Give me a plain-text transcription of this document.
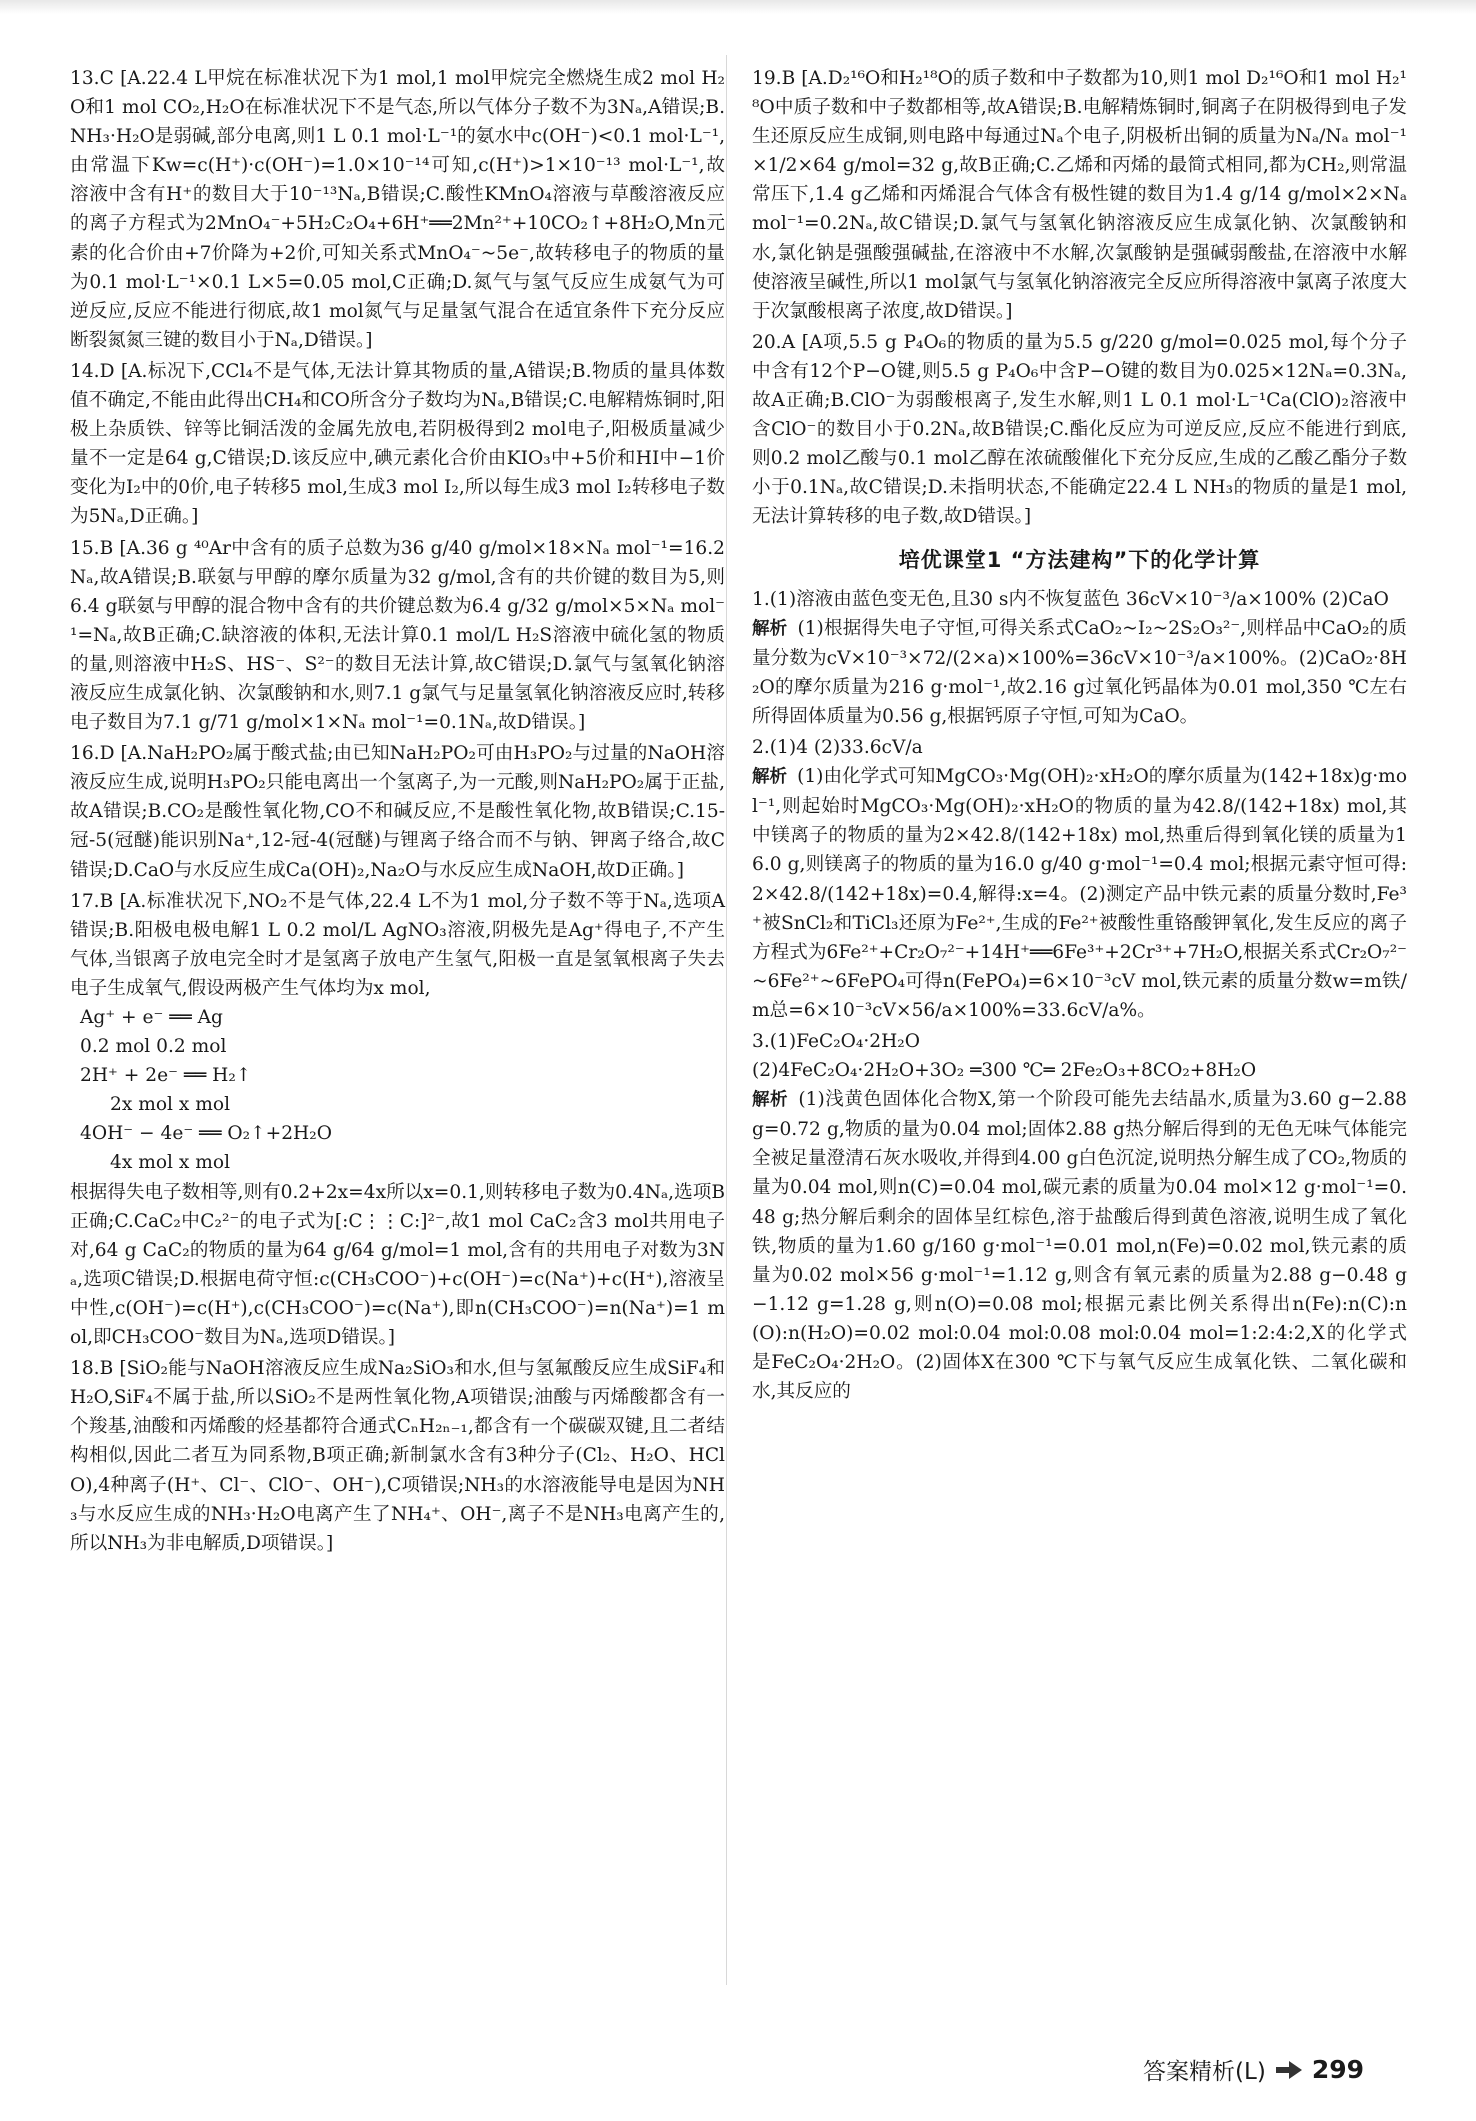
13.C [A.22.4 L甲烷在标准状况下为1 mol,1 mol甲烷完全燃烧生成2 mol H₂O和1 mol CO₂,H₂O在标准状况下不是气态,所以气体分子数不为3Nₐ,A错误;B.NH₃·H₂O是弱碱,部分电离,则1 L 0.1 mol·L⁻¹的氨水中c(OH⁻)<0.1 mol·L⁻¹,由常温下Kw=c(H⁺)·c(OH⁻)=1.0×10⁻¹⁴可知,c(H⁺)>1×10⁻¹³ mol·L⁻¹,故溶液中含有H⁺的数目大于10⁻¹³Nₐ,B错误;C.酸性KMnO₄溶液与草酸溶液反应的离子方程式为2MnO₄⁻+5H₂C₂O₄+6H⁺══2Mn²⁺+10CO₂↑+8H₂O,Mn元素的化合价由+7价降为+2价,可知关系式MnO₄⁻~5e⁻,故转移电子的物质的量为0.1 mol·L⁻¹×0.1 L×5=0.05 mol,C正确;D.氮气与氢气反应生成氨气为可逆反应,反应不能进行彻底,故1 mol氮气与足量氢气混合在适宜条件下充分反应断裂氮氮三键的数目小于Nₐ,D错误。]

14.D [A.标况下,CCl₄不是气体,无法计算其物质的量,A错误;B.物质的量具体数值不确定,不能由此得出CH₄和CO所含分子数均为Nₐ,B错误;C.电解精炼铜时,阳极上杂质铁、锌等比铜活泼的金属先放电,若阴极得到2 mol电子,阳极质量减少量不一定是64 g,C错误;D.该反应中,碘元素化合价由KIO₃中+5价和HI中−1价变化为I₂中的0价,电子转移5 mol,生成3 mol I₂,所以每生成3 mol I₂转移电子数为5Nₐ,D正确。]

15.B [A.36 g ⁴⁰Ar中含有的质子总数为36 g/40 g/mol×18×Nₐ mol⁻¹=16.2Nₐ,故A错误;B.联氨与甲醇的摩尔质量为32 g/mol,含有的共价键的数目为5,则6.4 g联氨与甲醇的混合物中含有的共价键总数为6.4 g/32 g/mol×5×Nₐ mol⁻¹=Nₐ,故B正确;C.缺溶液的体积,无法计算0.1 mol/L H₂S溶液中硫化氢的物质的量,则溶液中H₂S、HS⁻、S²⁻的数目无法计算,故C错误;D.氯气与氢氧化钠溶液反应生成氯化钠、次氯酸钠和水,则7.1 g氯气与足量氢氧化钠溶液反应时,转移电子数目为7.1 g/71 g/mol×1×Nₐ mol⁻¹=0.1Nₐ,故D错误。]

16.D [A.NaH₂PO₂属于酸式盐;由已知NaH₂PO₂可由H₃PO₂与过量的NaOH溶液反应生成,说明H₃PO₂只能电离出一个氢离子,为一元酸,则NaH₂PO₂属于正盐,故A错误;B.CO₂是酸性氧化物,CO不和碱反应,不是酸性氧化物,故B错误;C.15-冠-5(冠醚)能识别Na⁺,12-冠-4(冠醚)与锂离子络合而不与钠、钾离子络合,故C错误;D.CaO与水反应生成Ca(OH)₂,Na₂O与水反应生成NaOH,故D正确。]

17.B [A.标准状况下,NO₂不是气体,22.4 L不为1 mol,分子数不等于Nₐ,选项A错误;B.阳极电极电解1 L 0.2 mol/L AgNO₃溶液,阴极先是Ag⁺得电子,不产生气体,当银离子放电完全时才是氢离子放电产生氢气,阳极一直是氢氧根离子失去电子生成氧气,假设两极产生气体均为x mol,

Ag⁺ + e⁻ ══ Ag

0.2 mol 0.2 mol

2H⁺ + 2e⁻ ══ H₂↑

2x mol x mol

4OH⁻ − 4e⁻ ══ O₂↑+2H₂O

4x mol x mol

根据得失电子数相等,则有0.2+2x=4x所以x=0.1,则转移电子数为0.4Nₐ,选项B正确;C.CaC₂中C₂²⁻的电子式为[:C⋮⋮C:]²⁻,故1 mol CaC₂含3 mol共用电子对,64 g CaC₂的物质的量为64 g/64 g/mol=1 mol,含有的共用电子对数为3Nₐ,选项C错误;D.根据电荷守恒:c(CH₃COO⁻)+c(OH⁻)=c(Na⁺)+c(H⁺),溶液呈中性,c(OH⁻)=c(H⁺),c(CH₃COO⁻)=c(Na⁺),即n(CH₃COO⁻)=n(Na⁺)=1 mol,即CH₃COO⁻数目为Nₐ,选项D错误。]

18.B [SiO₂能与NaOH溶液反应生成Na₂SiO₃和水,但与氢氟酸反应生成SiF₄和H₂O,SiF₄不属于盐,所以SiO₂不是两性氧化物,A项错误;油酸与丙烯酸都含有一个羧基,油酸和丙烯酸的烃基都符合通式CₙH₂ₙ₋₁,都含有一个碳碳双键,且二者结构相似,因此二者互为同系物,B项正确;新制氯水含有3种分子(Cl₂、H₂O、HClO),4种离子(H⁺、Cl⁻、ClO⁻、OH⁻),C项错误;NH₃的水溶液能导电是因为NH₃与水反应生成的NH₃·H₂O电离产生了NH₄⁺、OH⁻,离子不是NH₃电离产生的,所以NH₃为非电解质,D项错误。]

19.B [A.D₂¹⁶O和H₂¹⁸O的质子数和中子数都为10,则1 mol D₂¹⁶O和1 mol H₂¹⁸O中质子数和中子数都相等,故A错误;B.电解精炼铜时,铜离子在阴极得到电子发生还原反应生成铜,则电路中每通过Nₐ个电子,阴极析出铜的质量为Nₐ/Nₐ mol⁻¹×1/2×64 g/mol=32 g,故B正确;C.乙烯和丙烯的最简式相同,都为CH₂,则常温常压下,1.4 g乙烯和丙烯混合气体含有极性键的数目为1.4 g/14 g/mol×2×Nₐ mol⁻¹=0.2Nₐ,故C错误;D.氯气与氢氧化钠溶液反应生成氯化钠、次氯酸钠和水,氯化钠是强酸强碱盐,在溶液中不水解,次氯酸钠是强碱弱酸盐,在溶液中水解使溶液呈碱性,所以1 mol氯气与氢氧化钠溶液完全反应所得溶液中氯离子浓度大于次氯酸根离子浓度,故D错误。]

20.A [A项,5.5 g P₄O₆的物质的量为5.5 g/220 g/mol=0.025 mol,每个分子中含有12个P−O键,则5.5 g P₄O₆中含P−O键的数目为0.025×12Nₐ=0.3Nₐ,故A正确;B.ClO⁻为弱酸根离子,发生水解,则1 L 0.1 mol·L⁻¹Ca(ClO)₂溶液中含ClO⁻的数目小于0.2Nₐ,故B错误;C.酯化反应为可逆反应,反应不能进行到底,则0.2 mol乙酸与0.1 mol乙醇在浓硫酸催化下充分反应,生成的乙酸乙酯分子数小于0.1Nₐ,故C错误;D.未指明状态,不能确定22.4 L NH₃的物质的量是1 mol,无法计算转移的电子数,故D错误。]

培优课堂1 “方法建构”下的化学计算

1.(1)溶液由蓝色变无色,且30 s内不恢复蓝色 36cV×10⁻³/a×100% (2)CaO

解析 (1)根据得失电子守恒,可得关系式CaO₂~I₂~2S₂O₃²⁻,则样品中CaO₂的质量分数为cV×10⁻³×72/(2×a)×100%=36cV×10⁻³/a×100%。(2)CaO₂·8H₂O的摩尔质量为216 g·mol⁻¹,故2.16 g过氧化钙晶体为0.01 mol,350 ℃左右所得固体质量为0.56 g,根据钙原子守恒,可知为CaO。

2.(1)4 (2)33.6cV/a

解析 (1)由化学式可知MgCO₃·Mg(OH)₂·xH₂O的摩尔质量为(142+18x)g·mol⁻¹,则起始时MgCO₃·Mg(OH)₂·xH₂O的物质的量为42.8/(142+18x) mol,其中镁离子的物质的量为2×42.8/(142+18x) mol,热重后得到氧化镁的质量为16.0 g,则镁离子的物质的量为16.0 g/40 g·mol⁻¹=0.4 mol;根据元素守恒可得:2×42.8/(142+18x)=0.4,解得:x=4。(2)测定产品中铁元素的质量分数时,Fe³⁺被SnCl₂和TiCl₃还原为Fe²⁺,生成的Fe²⁺被酸性重铬酸钾氧化,发生反应的离子方程式为6Fe²⁺+Cr₂O₇²⁻+14H⁺══6Fe³⁺+2Cr³⁺+7H₂O,根据关系式Cr₂O₇²⁻~6Fe²⁺~6FePO₄可得n(FePO₄)=6×10⁻³cV mol,铁元素的质量分数w=m铁/m总=6×10⁻³cV×56/a×100%=33.6cV/a%。

3.(1)FeC₂O₄·2H₂O

(2)4FeC₂O₄·2H₂O+3O₂ ═300 ℃═ 2Fe₂O₃+8CO₂+8H₂O

解析 (1)浅黄色固体化合物X,第一个阶段可能先去结晶水,质量为3.60 g−2.88 g=0.72 g,物质的量为0.04 mol;固体2.88 g热分解后得到的无色无味气体能完全被足量澄清石灰水吸收,并得到4.00 g白色沉淀,说明热分解生成了CO₂,物质的量为0.04 mol,则n(C)=0.04 mol,碳元素的质量为0.04 mol×12 g·mol⁻¹=0.48 g;热分解后剩余的固体呈红棕色,溶于盐酸后得到黄色溶液,说明生成了氧化铁,物质的量为1.60 g/160 g·mol⁻¹=0.01 mol,n(Fe)=0.02 mol,铁元素的质量为0.02 mol×56 g·mol⁻¹=1.12 g,则含有氧元素的质量为2.88 g−0.48 g−1.12 g=1.28 g,则n(O)=0.08 mol;根据元素比例关系得出n(Fe):n(C):n(O):n(H₂O)=0.02 mol:0.04 mol:0.08 mol:0.04 mol=1:2:4:2,X的化学式是FeC₂O₄·2H₂O。(2)固体X在300 ℃下与氧气反应生成氧化铁、二氧化碳和水,其反应的

答案精析(L) 299
